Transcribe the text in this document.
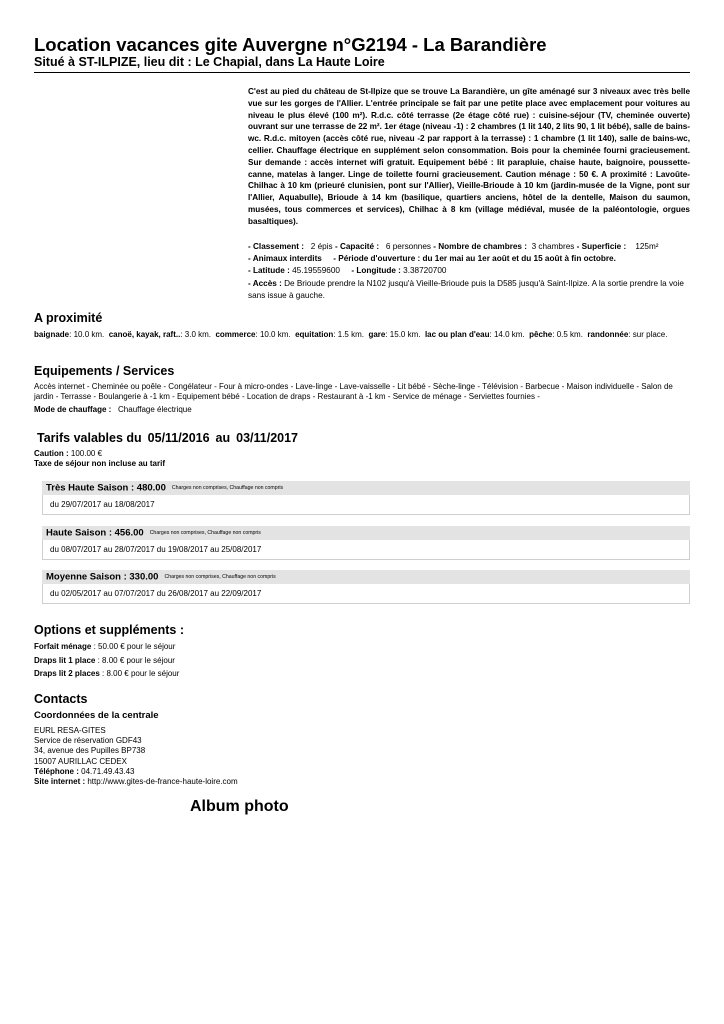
Location vacances gite Auvergne n°G2194 - La Barandière
Situé à ST-ILPIZE, lieu dit : Le Chapial, dans La Haute Loire
C'est au pied du château de St-Ilpize que se trouve La Barandière, un gîte aménagé sur 3 niveaux avec très belle vue sur les gorges de l'Allier. L'entrée principale se fait par une petite place avec emplacement pour voitures au niveau le plus élevé (100 m²). R.d.c. côté terrasse (2e étage côté rue) : cuisine-séjour (TV, cheminée ouverte) ouvrant sur une terrasse de 22 m². 1er étage (niveau -1) : 2 chambres (1 lit 140, 2 lits 90, 1 lit bébé), salle de bains-wc. R.d.c. mitoyen (accès côté rue, niveau -2 par rapport à la terrasse) : 1 chambre (1 lit 140), salle de bains-wc, cellier. Chauffage électrique en supplément selon consommation. Bois pour la cheminée fourni gracieusement. Sur demande : accès internet wifi gratuit. Equipement bébé : lit parapluie, chaise haute, baignoire, poussette-canne, matelas à langer. Linge de toilette fourni gracieusement. Caution ménage : 50 €. A proximité : Lavoûte-Chilhac à 10 km (prieuré clunisien, pont sur l'Allier), Vieille-Brioude à 10 km (jardin-musée de la Vigne, pont sur l'Allier, Aquabulle), Brioude à 14 km (basilique, quartiers anciens, hôtel de la dentelle, Maison du saumon, musées, tous commerces et services), Chilhac à 8 km (village médiéval, musée de la paléontologie, orgues basaltiques).
- Classement : 2 épis - Capacité : 6 personnes - Nombre de chambres : 3 chambres - Superficie : 125m²
- Animaux interdits - Période d'ouverture : du 1er mai au 1er août et du 15 août à fin octobre.
- Latitude : 45.19559600 - Longitude : 3.38720700
- Accès : De Brioude prendre la N102 jusqu'à Vieille-Brioude puis la D585 jusqu'à Saint-Ilpize. A la sortie prendre la voie sans issue à gauche.
A proximité
baignade: 10.0 km. canoë, kayak, raft..: 3.0 km. commerce: 10.0 km. equitation: 1.5 km. gare: 15.0 km. lac ou plan d'eau: 14.0 km. pêche: 0.5 km. randonnée: sur place.
Equipements / Services
Accès internet - Cheminée ou poêle - Congélateur - Four à micro-ondes - Lave-linge - Lave-vaisselle - Lit bébé - Sèche-linge - Télévision - Barbecue - Maison individuelle - Salon de jardin - Terrasse - Boulangerie à -1 km - Equipement bébé - Location de draps - Restaurant à -1 km - Service de ménage - Serviettes fournies -
Mode de chauffage : Chauffage électrique
Tarifs valables du 05/11/2016 au 03/11/2017
Caution : 100.00 €
Taxe de séjour non incluse au tarif
Très Haute Saison : 480.00 Charges non comprises, Chauffage non compris
du 29/07/2017 au 18/08/2017
Haute Saison : 456.00 Charges non comprises, Chauffage non compris
du 08/07/2017 au 28/07/2017 du 19/08/2017 au 25/08/2017
Moyenne Saison : 330.00 Charges non comprises, Chauffage non compris
du 02/05/2017 au 07/07/2017 du 26/08/2017 au 22/09/2017
Options et suppléments :
Forfait ménage : 50.00 € pour le séjour
Draps lit 1 place : 8.00 € pour le séjour
Draps lit 2 places : 8.00 € pour le séjour
Contacts
Coordonnées de la centrale
EURL RESA-GITES
Service de réservation GDF43
34, avenue des Pupilles BP738
15007 AURILLAC CEDEX
Téléphone : 04.71.49.43.43
Site internet : http://www.gites-de-france-haute-loire.com
Album photo
